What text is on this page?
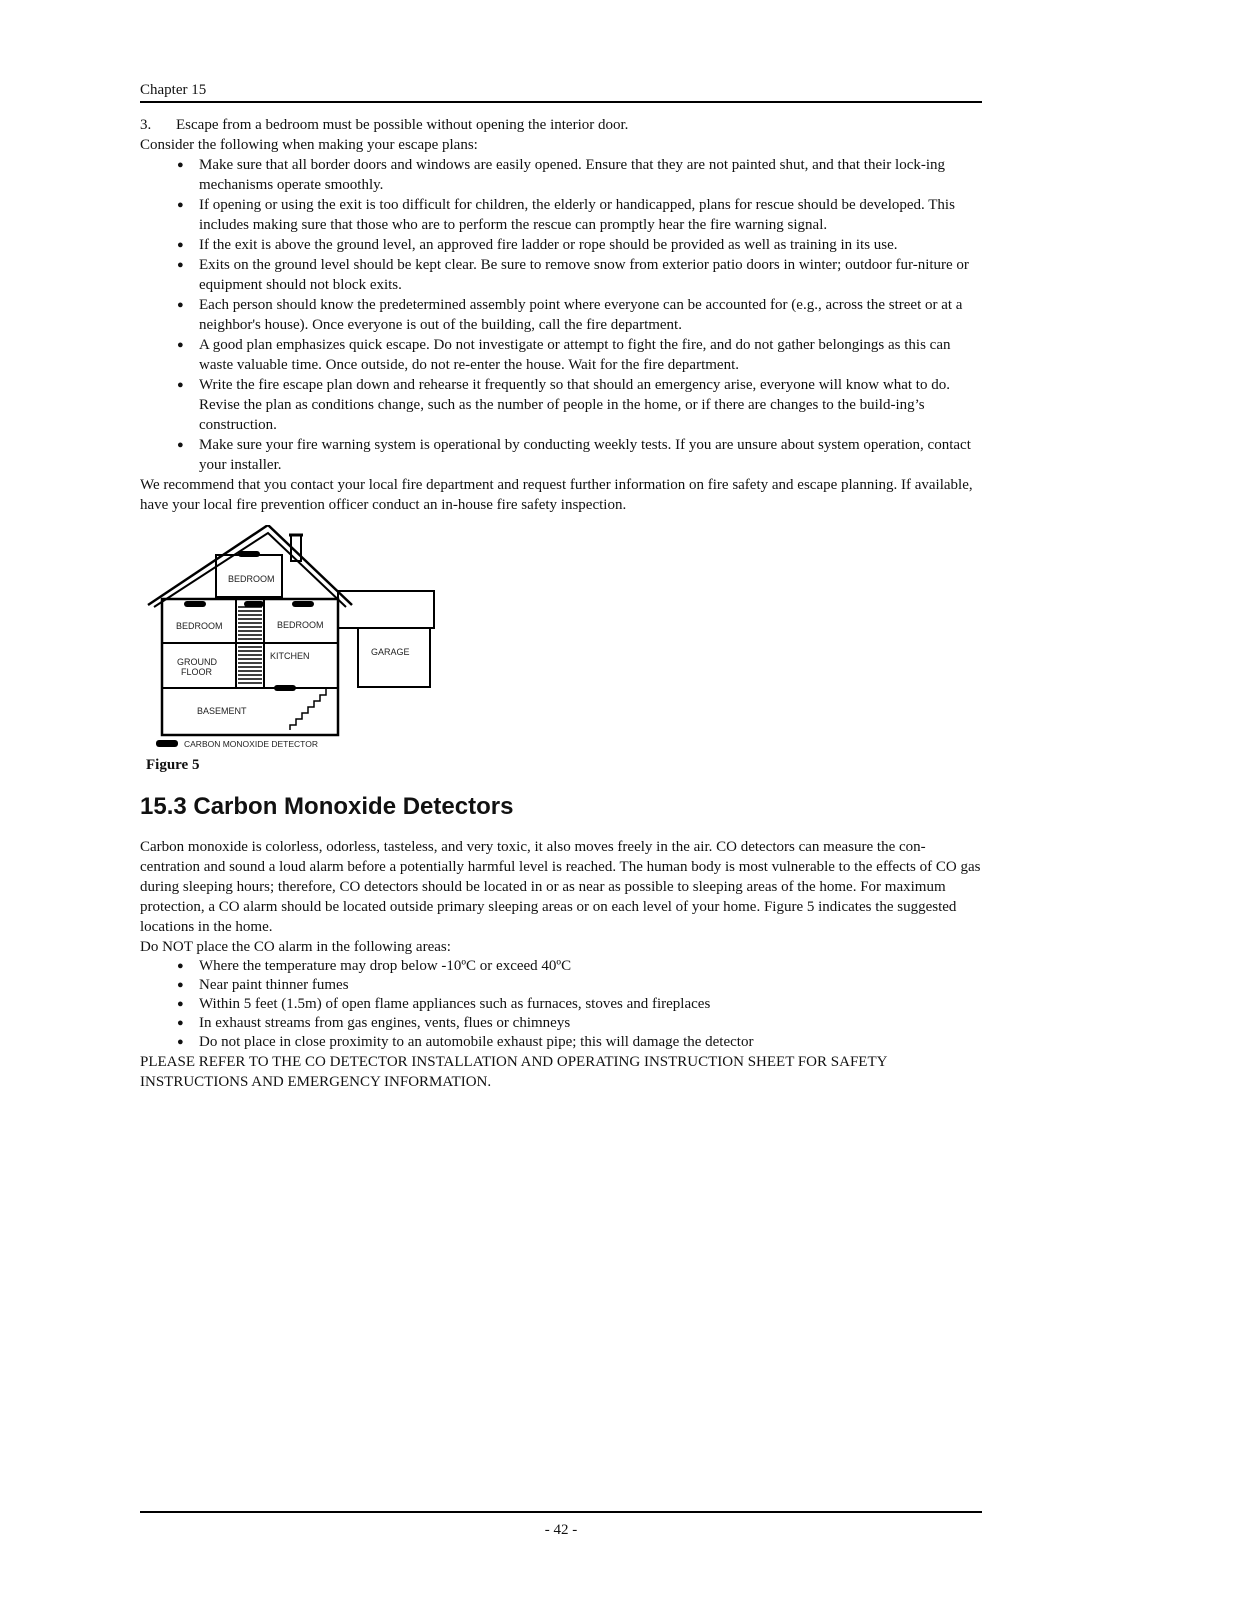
Chapter 15
3.	Escape from a bedroom must be possible without opening the interior door.

Consider the following when making your escape plans:

● Make sure that all border doors and windows are easily opened. Ensure that they are not painted shut, and that their lock-ing mechanisms operate smoothly.
● If opening or using the exit is too difficult for children, the elderly or handicapped, plans for rescue should be developed. This includes making sure that those who are to perform the rescue can promptly hear the fire warning signal.
● If the exit is above the ground level, an approved fire ladder or rope should be provided as well as training in its use.
● Exits on the ground level should be kept clear. Be sure to remove snow from exterior patio doors in winter; outdoor fur-niture or equipment should not block exits.
● Each person should know the predetermined assembly point where everyone can be accounted for (e.g., across the street or at a neighbor's house). Once everyone is out of the building, call the fire department.
● A good plan emphasizes quick escape. Do not investigate or attempt to fight the fire, and do not gather belongings as this can waste valuable time. Once outside, do not re-enter the house. Wait for the fire department.
● Write the fire escape plan down and rehearse it frequently so that should an emergency arise, everyone will know what to do. Revise the plan as conditions change, such as the number of people in the home, or if there are changes to the build-ing’s construction.
● Make sure your fire warning system is operational by conducting weekly tests. If you are unsure about system operation, contact your installer.

We recommend that you contact your local fire department and request further information on fire safety and escape planning. If available, have your local fire prevention officer conduct an in-house fire safety inspection.

BEDROOM
BEDROOM	BEDROOM
KITCHEN	GARAGE
GROUND
FLOOR
BASEMENT
CARBON MONOXIDE DETECTOR
Figure 5
15.3 Carbon Monoxide Detectors

Carbon monoxide is colorless, odorless, tasteless, and very toxic, it also moves freely in the air. CO detectors can measure the con-centration and sound a loud alarm before a potentially harmful level is reached. The human body is most vulnerable to the effects of CO gas during sleeping hours; therefore, CO detectors should be located in or as near as possible to sleeping areas of the home. For maximum protection, a CO alarm should be located outside primary sleeping areas or on each level of your home. Figure 5 indicates the suggested locations in the home.

Do NOT place the CO alarm in the following areas:

● Where the temperature may drop below -10ºC or exceed 40ºC
● Near paint thinner fumes
● Within 5 feet (1.5m) of open flame appliances such as furnaces, stoves and fireplaces
● In exhaust streams from gas engines, vents, flues or chimneys
● Do not place in close proximity to an automobile exhaust pipe; this will damage the detector

PLEASE REFER TO THE CO DETECTOR INSTALLATION AND OPERATING INSTRUCTION SHEET FOR SAFETY INSTRUCTIONS AND EMERGENCY INFORMATION.

- 42 -
